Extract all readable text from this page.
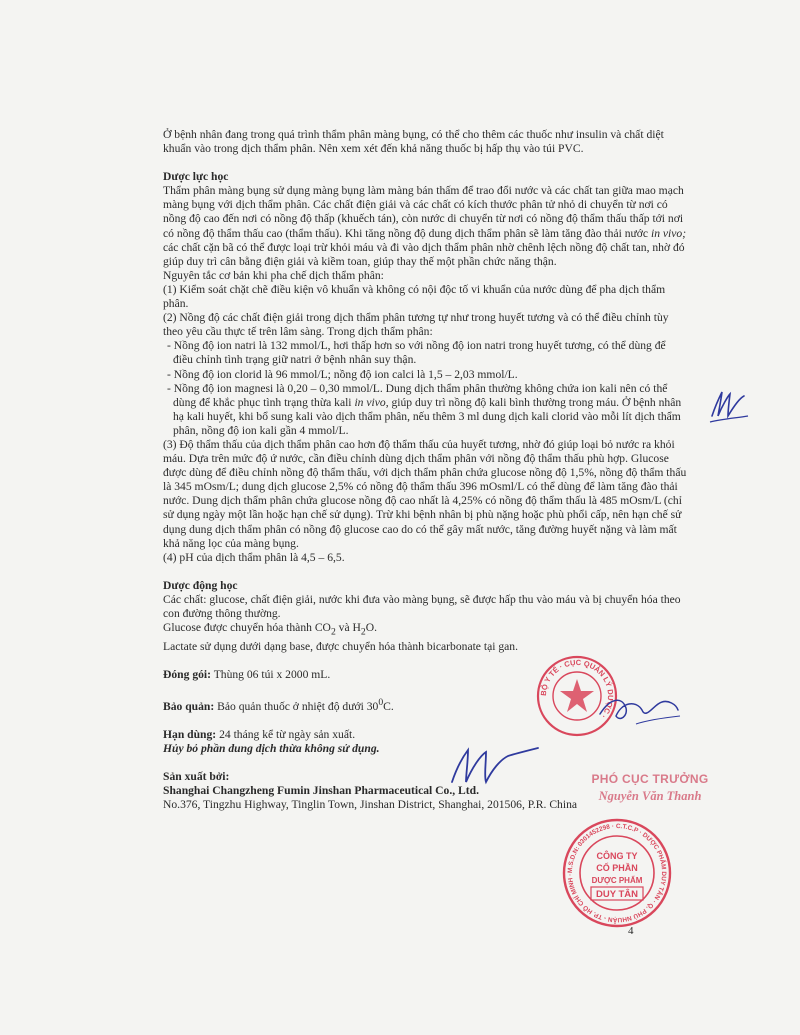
Ở bệnh nhân đang trong quá trình thẩm phân màng bụng, có thể cho thêm các thuốc như insulin và chất diệt khuẩn vào trong dịch thẩm phân. Nên xem xét đến khả năng thuốc bị hấp thụ vào túi PVC.

Dược lực học

Thẩm phân màng bụng sử dụng màng bụng làm màng bán thấm để trao đổi nước và các chất tan giữa mao mạch màng bụng với dịch thẩm phân. Các chất điện giải và các chất có kích thước phân tử nhỏ di chuyển từ nơi có nồng độ cao đến nơi có nồng độ thấp (khuếch tán), còn nước di chuyển từ nơi có nồng độ thẩm thấu thấp tới nơi có nồng độ thẩm thấu cao (thẩm thấu). Khi tăng nồng độ dung dịch thẩm phân sẽ làm tăng đào thải nước in vivo; các chất cặn bã có thể được loại trừ khỏi máu và đi vào dịch thẩm phân nhờ chênh lệch nồng độ chất tan, nhờ đó giúp duy trì cân bằng điện giải và kiềm toan, giúp thay thế một phần chức năng thận.

Nguyên tắc cơ bản khi pha chế dịch thẩm phân:

(1) Kiểm soát chặt chẽ điều kiện vô khuẩn và không có nội độc tố vi khuẩn của nước dùng để pha dịch thẩm phân.

(2) Nồng độ các chất điện giải trong dịch thẩm phân tương tự như trong huyết tương và có thể điều chỉnh tùy theo yêu cầu thực tế trên lâm sàng. Trong dịch thẩm phân:

- Nồng độ ion natri là 132 mmol/L, hơi thấp hơn so với nồng độ ion natri trong huyết tương, có thể dùng để điều chỉnh tình trạng giữ natri ở bệnh nhân suy thận.

- Nồng độ ion clorid là 96 mmol/L; nồng độ ion calci là 1,5 – 2,03 mmol/L.

- Nồng độ ion magnesi là 0,20 – 0,30 mmol/L. Dung dịch thẩm phân thường không chứa ion kali nên có thể dùng để khắc phục tình trạng thừa kali in vivo, giúp duy trì nồng độ kali bình thường trong máu. Ở bệnh nhân hạ kali huyết, khi bổ sung kali vào dịch thẩm phân, nếu thêm 3 ml dung dịch kali clorid vào mỗi lít dịch thẩm phân, nồng độ ion kali gần 4 mmol/L.

(3) Độ thẩm thấu của dịch thẩm phân cao hơn độ thẩm thấu của huyết tương, nhờ đó giúp loại bỏ nước ra khỏi máu. Dựa trên mức độ ứ nước, cần điều chỉnh dùng dịch thẩm phân với nồng độ thẩm thấu phù hợp. Glucose được dùng để điều chỉnh nồng độ thẩm thấu, với dịch thẩm phân chứa glucose nồng độ 1,5%, nồng độ thẩm thấu là 345 mOsm/L; dung dịch glucose 2,5% có nồng độ thẩm thấu 396 mOsml/L có thể dùng để làm tăng đào thải nước. Dung dịch thẩm phân chứa glucose nồng độ cao nhất là 4,25% có nồng độ thẩm thấu là 485 mOsm/L (chỉ sử dụng ngày một lần hoặc hạn chế sử dụng). Trừ khi bệnh nhân bị phù nặng hoặc phù phổi cấp, nên hạn chế sử dụng dung dịch thẩm phân có nồng độ glucose cao do có thể gây mất nước, tăng đường huyết nặng và làm mất khả năng lọc của màng bụng.

(4) pH của dịch thẩm phân là 4,5 – 6,5.

Dược động học

Các chất: glucose, chất điện giải, nước khi đưa vào màng bụng, sẽ được hấp thu vào máu và bị chuyển hóa theo con đường thông thường.

Glucose được chuyển hóa thành $CO_2$ và $H_2O$.

Lactate sử dụng dưới dạng base, được chuyển hóa thành bicarbonate tại gan.

Đóng gói: Thùng 06 túi x 2000 mL.

Bảo quản: Bảo quản thuốc ở nhiệt độ dưới $30^0C$.

Hạn dùng: 24 tháng kể từ ngày sản xuất.

Hủy bỏ phần dung dịch thừa không sử dụng.

Sản xuất bởi:

Shanghai Changzheng Fumin Jinshan Pharmaceutical Co., Ltd.

No.376, Tingzhu Highway, Tinglin Town, Jinshan District, Shanghai, 201506, P.R. China

4
BỘ Y TẾ · CỤC QUẢN LÝ DƯỢC ·
PHÓ CỤC TRƯỞNG
Nguyễn Văn Thanh
M.S.D.N: 0301452298 · C.T.C.P · DƯỢC PHẨM DUY TÂN · Q. PHÚ NHUẬN - TP. HỒ CHÍ MINH ·
CÔNG TY
CỔ PHẦN
DƯỢC PHẨM
DUY TÂN
